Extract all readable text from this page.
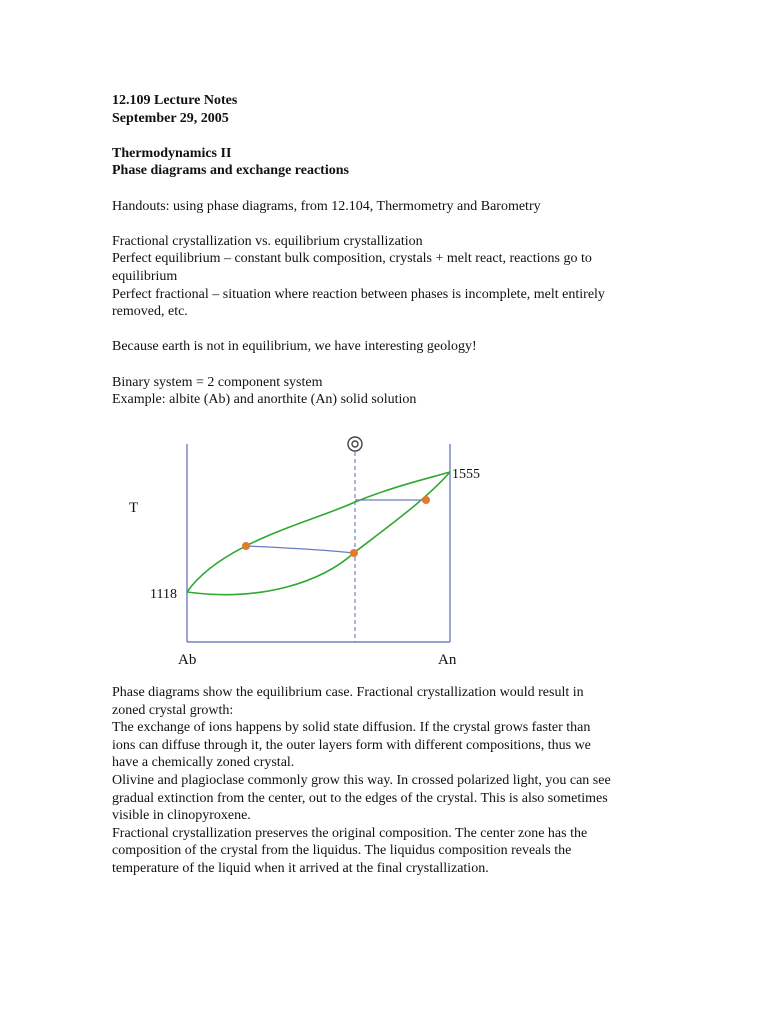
12.109 Lecture Notes
September 29, 2005
Thermodynamics II
Phase diagrams and exchange reactions
Handouts: using phase diagrams, from 12.104, Thermometry and Barometry
Fractional crystallization vs. equilibrium crystallization
Perfect equilibrium – constant bulk composition, crystals + melt react, reactions go to
equilibrium
Perfect fractional – situation where reaction between phases is incomplete, melt entirely
removed, etc.
Because earth is not in equilibrium, we have interesting geology!
Binary system = 2 component system
Example: albite (Ab) and anorthite (An) solid solution
T
1118
1555
Ab	An
Phase diagrams show the equilibrium case. Fractional crystallization would result in
zoned crystal growth:
The exchange of ions happens by solid state diffusion. If the crystal grows faster than
ions can diffuse through it, the outer layers form with different compositions, thus we
have a chemically zoned crystal.
Olivine and plagioclase commonly grow this way. In crossed polarized light, you can see
gradual extinction from the center, out to the edges of the crystal. This is also sometimes
visible in clinopyroxene.
Fractional crystallization preserves the original composition. The center zone has the
composition of the crystal from the liquidus. The liquidus composition reveals the
temperature of the liquid when it arrived at the final crystallization.
